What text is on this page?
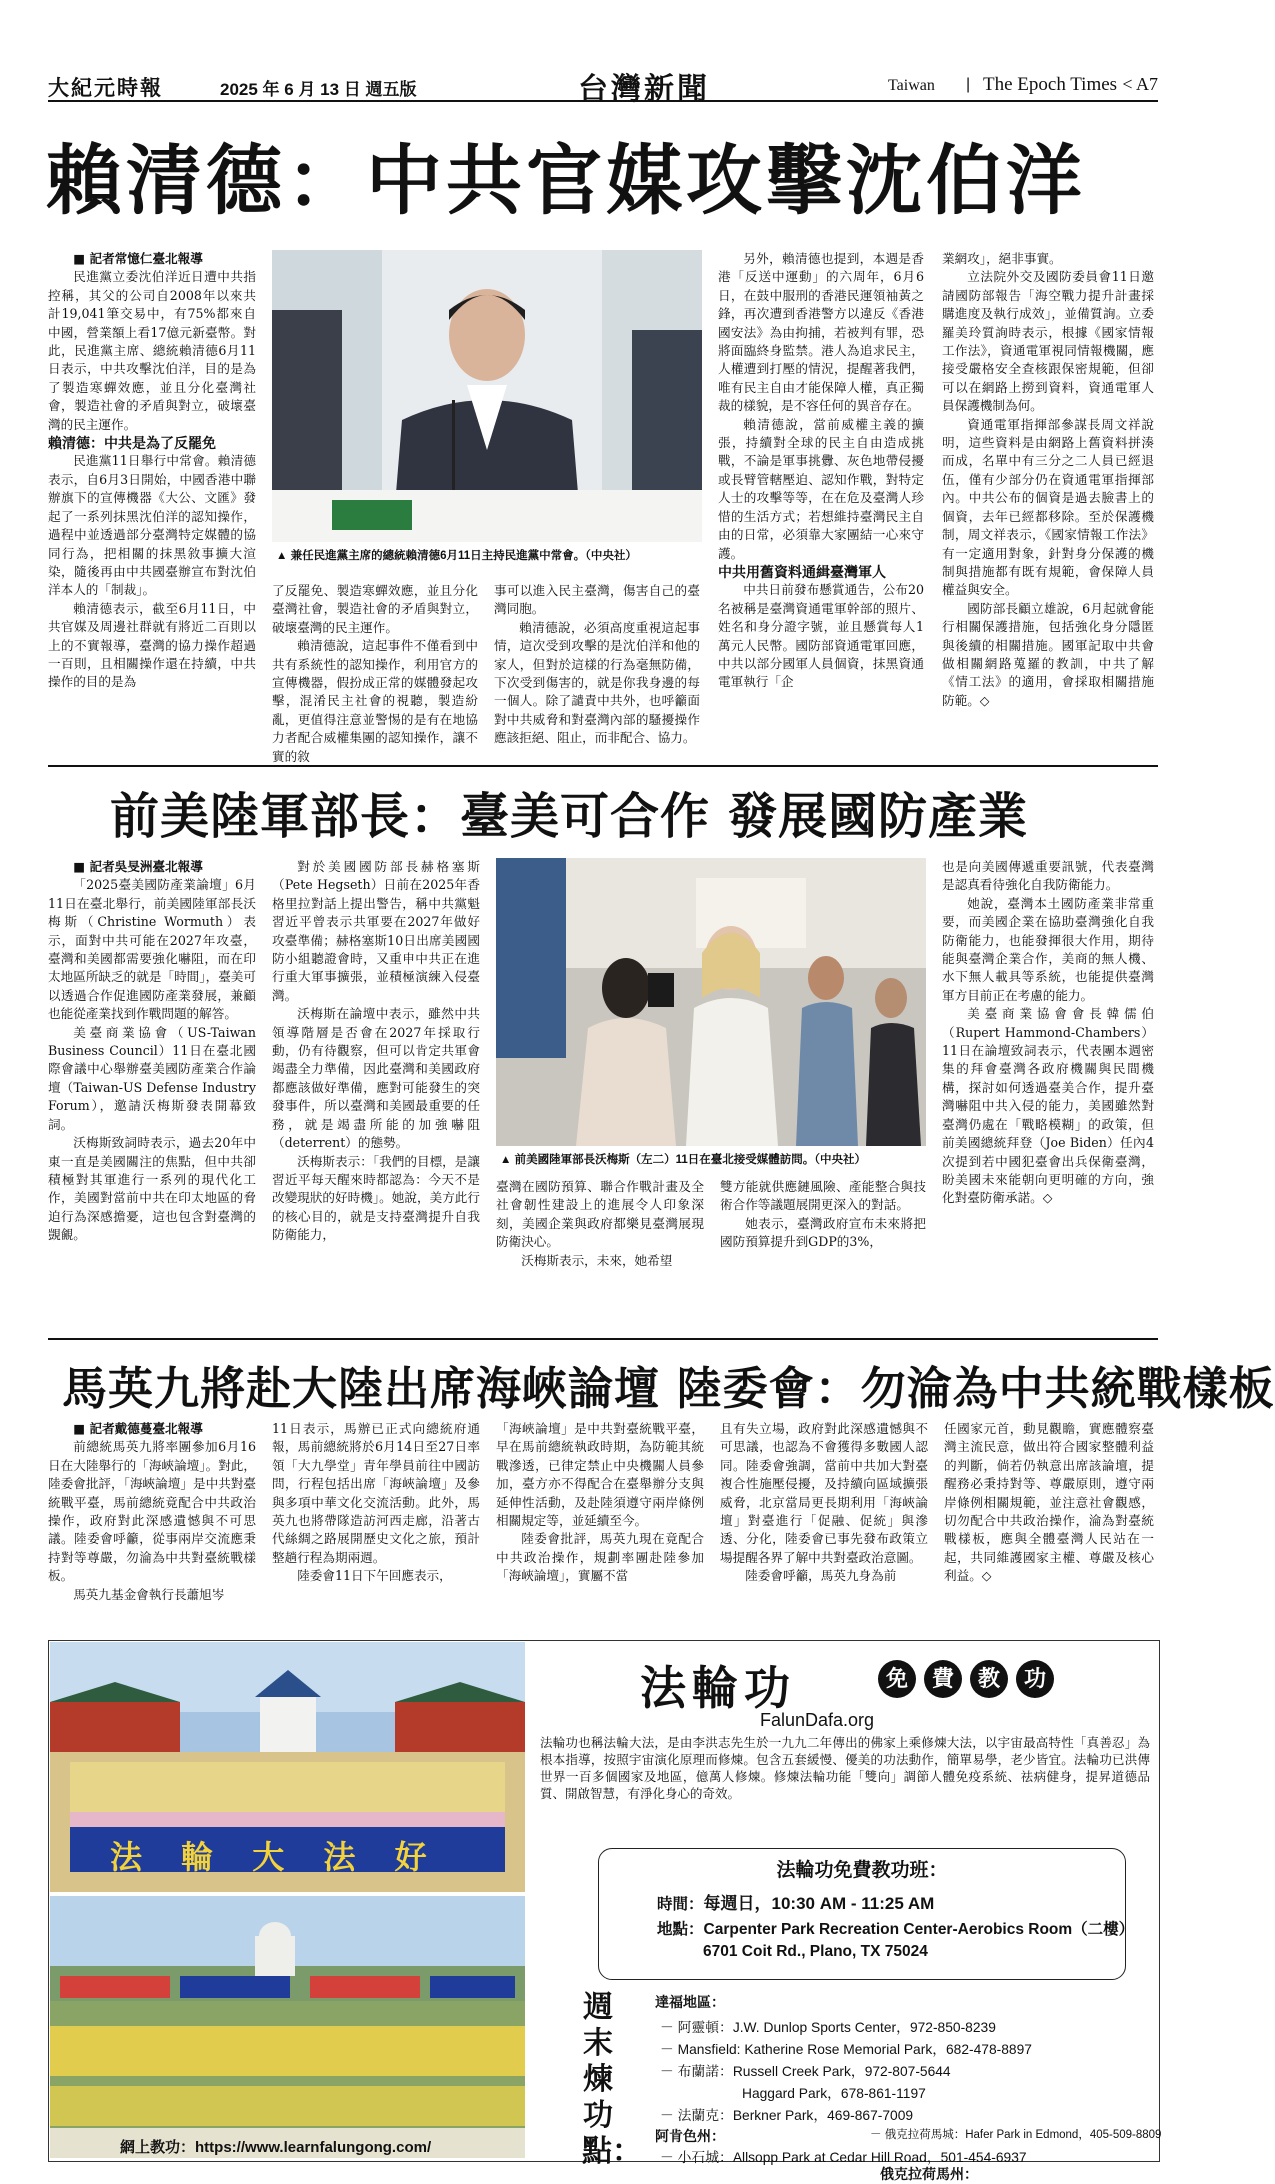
大紀元時報	2025 年 6 月 13 日 週五版	台灣新聞	Taiwan | The Epoch Times < A7
賴清德：中共官媒攻擊沈伯洋

■ 記者常憶仁臺北報導

民進黨立委沈伯洋近日遭中共指控稱，其父的公司自2008年以來共計19,041筆交易中，有75%都來自中國，營業額上看17億元新臺幣。對此，民進黨主席、總統賴清德6月11日表示，中共攻擊沈伯洋，目的是為了製造寒蟬效應，並且分化臺灣社會，製造社會的矛盾與對立，破壞臺灣的民主運作。

賴清德：中共是為了反罷免

民進黨11日舉行中常會。賴清德表示，自6月3日開始，中國香港中聯辦旗下的宣傳機器《大公、文匯》發起了一系列抹黑沈伯洋的認知操作，過程中並透過部分臺灣特定媒體的協同行為，把相關的抹黑敘事擴大渲染，隨後再由中共國臺辦宣布對沈伯洋本人的「制裁」。

賴清德表示，截至6月11日，中共官媒及周邊社群就有將近二百則以上的不實報導，臺灣的協力操作超過一百則，且相關操作還在持續，中共操作的目的是為

▲ 兼任民進黨主席的總統賴清德6月11日主持民進黨中常會。（中央社）

了反罷免、製造寒蟬效應，並且分化臺灣社會，製造社會的矛盾與對立，破壞臺灣的民主運作。

賴清德說，這起事件不僅看到中共有系統性的認知操作，利用官方的宣傳機器，假扮成正常的媒體發起攻擊，混淆民主社會的視聽，製造紛亂，更值得注意並警惕的是有在地協力者配合威權集團的認知操作，讓不實的敘

事可以進入民主臺灣，傷害自己的臺灣同胞。

賴清德說，必須高度重視這起事情，這次受到攻擊的是沈伯洋和他的家人，但對於這樣的行為毫無防備，下次受到傷害的，就是你我身邊的每一個人。除了譴責中共外，也呼籲面對中共威脅和對臺灣內部的騷擾操作應該拒絕、阻止，而非配合、協力。

另外，賴清德也提到，本週是香港「反送中運動」的六周年，6月6日，在鼓中服刑的香港民運領袖黃之鋒，再次遭到香港警方以違反《香港國安法》為由拘捕，若被判有罪，恐將面臨終身監禁。港人為追求民主，人權遭到打壓的情況，提醒著我們，唯有民主自由才能保障人權，真正獨裁的樣貌，是不容任何的異音存在。

賴清德說，當前威權主義的擴張，持續對全球的民主自由造成挑戰，不論是軍事挑釁、灰色地帶侵擾或長臂管轄壓迫、認知作戰，對特定人士的攻擊等等，在在危及臺灣人珍惜的生活方式；若想維持臺灣民主自由的日常，必須靠大家團結一心來守護。

中共用舊資料通緝臺灣軍人

中共日前發布懸賞通告，公布20名被稱是臺灣資通電軍幹部的照片、姓名和身分證字號，並且懸賞每人1萬元人民幣。國防部資通電軍回應，中共以部分國軍人員個資，抹黑資通電軍執行「企

業網攻」，絕非事實。

立法院外交及國防委員會11日邀請國防部報告「海空戰力提升計畫採購進度及執行成效」，並備質詢。立委羅美玲質詢時表示，根據《國家情報工作法》，資通電軍視同情報機關，應接受嚴格安全查核跟保密規範，但卻可以在網路上撈到資料，資通電軍人員保護機制為何。

資通電軍指揮部參謀長周文祥說明，這些資料是由網路上舊資料拼湊而成，名單中有三分之二人員已經退伍，僅有少部分仍在資通電軍指揮部內。中共公布的個資是過去臉書上的個資，去年已經都移除。至於保護機制，周文祥表示，《國家情報工作法》有一定適用對象，針對身分保護的機制與措施都有既有規範，會保障人員權益與安全。

國防部長顧立雄說，6月起就會能行相關保護措施，包括強化身分隱匿與後續的相關措施。國軍記取中共會做相關網路蒐羅的教訓，中共了解《情工法》的適用，會採取相關措施防範。◇

前美陸軍部長：臺美可合作 發展國防產業

■ 記者吳旻洲臺北報導

「2025臺美國防產業論壇」6月11日在臺北舉行，前美國陸軍部長沃梅斯（Christine Wormuth）表示，面對中共可能在2027年攻臺，臺灣和美國都需要強化嚇阻，而在印太地區所缺乏的就是「時間」，臺美可以透過合作促進國防產業發展，兼顧也能從產業找到作戰問題的解答。

美臺商業協會（US-Taiwan Business Council）11日在臺北國際會議中心舉辦臺美國防產業合作論壇（Taiwan-US Defense Industry Forum），邀請沃梅斯發表開幕致詞。

沃梅斯致詞時表示，過去20年中東一直是美國關注的焦點，但中共卻積極對其軍進行一系列的現代化工作，美國對當前中共在印太地區的脅迫行為深感擔憂，這也包含對臺灣的覬覦。

對於美國國防部長赫格塞斯（Pete Hegseth）日前在2025年香格里拉對話上提出警告，稱中共黨魁習近平曾表示共軍要在2027年做好攻臺準備；赫格塞斯10日出席美國國防小組聽證會時，又重申中共正在進行重大軍事擴張，並積極演練入侵臺灣。

沃梅斯在論壇中表示，雖然中共領導階層是否會在2027年採取行動，仍有待觀察，但可以肯定共軍會竭盡全力準備，因此臺灣和美國政府都應該做好準備，應對可能發生的突發事件，所以臺灣和美國最重要的任務，就是竭盡所能的加強嚇阻（deterrent）的態勢。

沃梅斯表示：「我們的目標，是讓習近平每天醒來時都認為：今天不是改變現狀的好時機」。她說，美方此行的核心目的，就是支持臺灣提升自我防衛能力，

▲ 前美國陸軍部長沃梅斯（左二）11日在臺北接受媒體訪問。（中央社）

臺灣在國防預算、聯合作戰計畫及全社會韌性建設上的進展令人印象深刻，美國企業與政府都樂見臺灣展現防衛決心。

沃梅斯表示，未來，她希望

雙方能就供應鏈風險、產能整合與技術合作等議題展開更深入的對話。

她表示，臺灣政府宣布未來將把國防預算提升到GDP的3%，

也是向美國傳遞重要訊號，代表臺灣是認真看待強化自我防衛能力。

她說，臺灣本土國防產業非常重要，而美國企業在協助臺灣強化自我防衛能力，也能發揮很大作用，期待能與臺灣企業合作，美商的無人機、水下無人載具等系統，也能提供臺灣軍方目前正在考慮的能力。

美臺商業協會會長韓儒伯（Rupert Hammond-Chambers）11日在論壇致詞表示，代表團本週密集的拜會臺灣各政府機關與民間機構，探討如何透過臺美合作，提升臺灣嚇阻中共入侵的能力，美國雖然對臺灣仍處在「戰略模糊」的政策，但前美國總統拜登（Joe Biden）任內4次提到若中國犯臺會出兵保衛臺灣，盼美國未來能朝向更明確的方向，強化對臺防衛承諾。◇

馬英九將赴大陸出席海峽論壇 陸委會：勿淪為中共統戰樣板

■ 記者戴德蔓臺北報導

前總統馬英九將率團參加6月16日在大陸舉行的「海峽論壇」。對此，陸委會批評，「海峽論壇」是中共對臺統戰平臺，馬前總統竟配合中共政治操作，政府對此深感遺憾與不可思議。陸委會呼籲，從事兩岸交流應秉持對等尊嚴，勿淪為中共對臺統戰樣板。

馬英九基金會執行長蕭旭岑

11日表示，馬辦已正式向總統府通報，馬前總統將於6月14日至27日率領「大九學堂」青年學員前往中國訪問，行程包括出席「海峽論壇」及參與多項中華文化交流活動。此外，馬英九也將帶隊造訪河西走廊，沿著古代絲綢之路展開歷史文化之旅，預計整趟行程為期兩週。

陸委會11日下午回應表示，

「海峽論壇」是中共對臺統戰平臺，早在馬前總統執政時期，為防範其統戰滲透，已律定禁止中央機關人員參加，臺方亦不得配合在臺舉辦分支與延伸性活動，及赴陸須遵守兩岸條例相關規定等，並延續至今。

陸委會批評，馬英九現在竟配合中共政治操作，規劃率團赴陸參加「海峽論壇」，實屬不當

且有失立場，政府對此深感遺憾與不可思議，也認為不會獲得多數國人認同。陸委會強調，當前中共加大對臺複合性施壓侵擾，及持續向區域擴張威脅，北京當局更長期利用「海峽論壇」對臺進行「促融、促統」與滲透、分化，陸委會已事先發布政策立場提醒各界了解中共對臺政治意圖。

陸委會呼籲，馬英九身為前

任國家元首，動見觀瞻，實應體察臺灣主流民意，做出符合國家整體利益的判斷，倘若仍執意出席該論壇，提醒務必秉持對等、尊嚴原則，遵守兩岸條例相關規範，並注意社會觀感，切勿配合中共政治操作，淪為對臺統戰樣板，應與全體臺灣人民站在一起，共同維護國家主權、尊嚴及核心利益。◇

法 輪 大 法 好
網上教功：https://www.learnfalungong.com/
法輪功	免	費	教	功
FalunDafa.org
法輪功也稱法輪大法，是由李洪志先生於一九九二年傳出的佛家上乘修煉大法，以宇宙最高特性「真善忍」為根本指導，按照宇宙演化原理而修煉。包含五套緩慢、優美的功法動作，簡單易學，老少皆宜。法輪功已洪傳世界一百多個國家及地區，億萬人修煉。修煉法輪功能「雙向」調節人體免疫系統、祛病健身，提昇道德品質、開啟智慧，有淨化身心的奇效。
法輪功免費教功班：
時間：每週日，10:30 AM - 11:25 AM
地點：Carpenter Park Recreation Center-Aerobics Room（二樓）
6701 Coit Rd., Plano, TX 75024
週末煉功點：
達福地區：
－ 阿靈頓：J.W. Dunlop Sports Center，972-850-8239
－ Mansfield: Katherine Rose Memorial Park，682-478-8897
－ 布蘭諾：Russell Creek Park，972-807-5644
Haggard Park，678-861-1197
－ 法蘭克：Berkner Park，469-867-7009
阿肯色州：
－ 小石城：Allsopp Park at Cedar Hill Road，501-454-6937
俄克拉荷馬州：
－ 俄克拉荷馬城：Hafer Park in Edmond，405-509-8809
